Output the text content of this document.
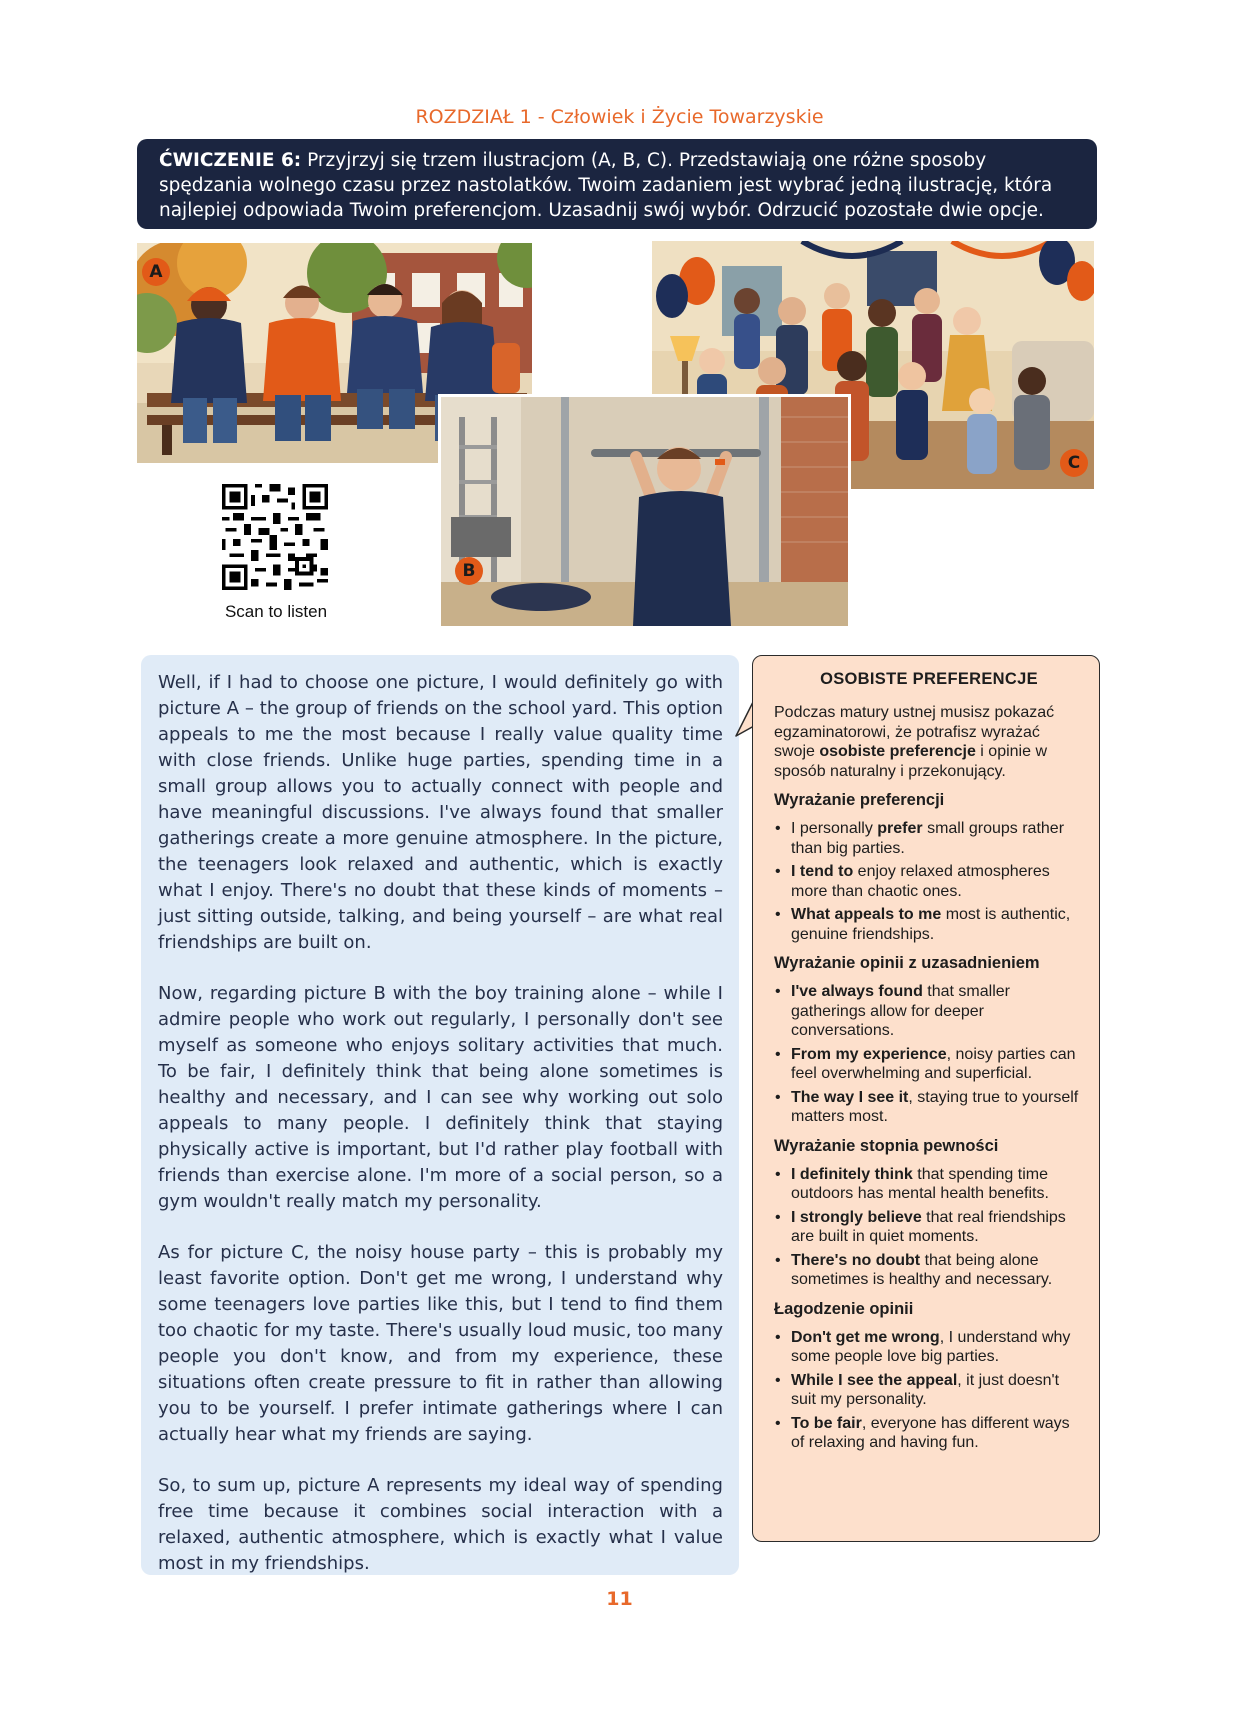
ROZDZIAŁ 1 - Człowiek i Życie Towarzyskie
ĆWICZENIE 6: Przyjrzyj się trzem ilustracjom (A, B, C). Przedstawiają one różne sposoby spędzania wolnego czasu przez nastolatków. Twoim zadaniem jest wybrać jedną ilustrację, która najlepiej odpowiada Twoim preferencjom. Uzasadnij swój wybór. Odrzucić pozostałe dwie opcje.
A
C
B
Scan to listen

Well, if I had to choose one picture, I would definitely go with picture A – the group of friends on the school yard. This option appeals to me the most because I really value quality time with close friends. Unlike huge parties, spending time in a small group allows you to actually connect with people and have meaningful discussions. I've always found that smaller gatherings create a more genuine atmosphere. In the picture, the teenagers look relaxed and authentic, which is exactly what I enjoy. There's no doubt that these kinds of moments – just sitting outside, talking, and being yourself – are what real friendships are built on.

Now, regarding picture B with the boy training alone – while I admire people who work out regularly, I personally don't see myself as someone who enjoys solitary activities that much. To be fair, I definitely think that being alone sometimes is healthy and necessary, and I can see why working out solo appeals to many people. I definitely think that staying physically active is important, but I'd rather play football with friends than exercise alone. I'm more of a social person, so a gym wouldn't really match my personality.

As for picture C, the noisy house party – this is probably my least favorite option. Don't get me wrong, I understand why some teenagers love parties like this, but I tend to find them too chaotic for my taste. There's usually loud music, too many people you don't know, and from my experience, these situations often create pressure to fit in rather than allowing you to be yourself. I prefer intimate gatherings where I can actually hear what my friends are saying.

So, to sum up, picture A represents my ideal way of spending free time because it combines social interaction with a relaxed, authentic atmosphere, which is exactly what I value most in my friendships.

OSOBISTE PREFERENCJE

Podczas matury ustnej musisz pokazać egzaminatorowi, że potrafisz wyrażać swoje osobiste preferencje i opinie w sposób naturalny i przekonujący.

Wyrażanie preferencji
• I personally prefer small groups rather than big parties.
• I tend to enjoy relaxed atmospheres more than chaotic ones.
• What appeals to me most is authentic, genuine friendships.
Wyrażanie opinii z uzasadnieniem
• I've always found that smaller gatherings allow for deeper conversations.
• From my experience, noisy parties can feel overwhelming and superficial.
• The way I see it, staying true to yourself matters most.
Wyrażanie stopnia pewności
• I definitely think that spending time outdoors has mental health benefits.
• I strongly believe that real friendships are built in quiet moments.
• There's no doubt that being alone sometimes is healthy and necessary.
Łagodzenie opinii
• Don't get me wrong, I understand why some people love big parties.
• While I see the appeal, it just doesn't suit my personality.
• To be fair, everyone has different ways of relaxing and having fun.
11
